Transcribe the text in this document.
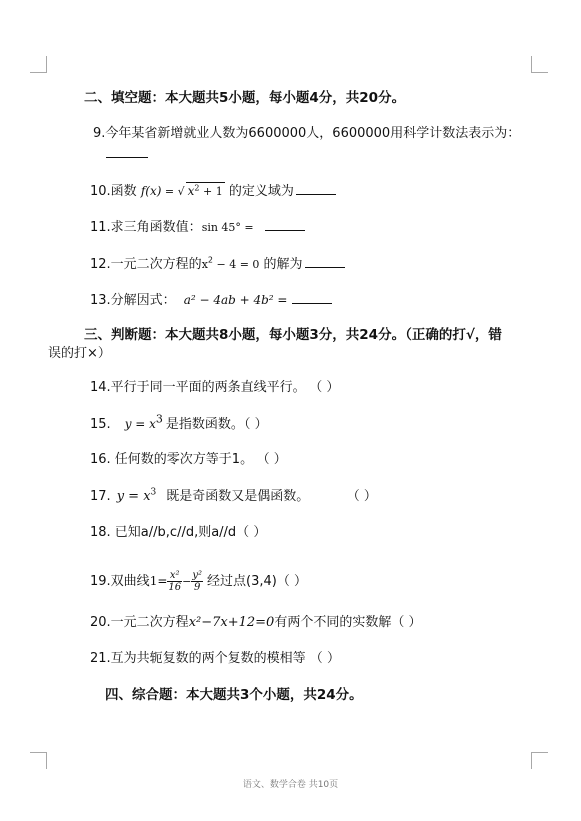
二、填空题：本大题共5小题，每小题4分，共20分。
9.今年某省新增就业人数为6600000人，6600000用科学计数法表示为：
10.函数 f(x) = √ $x^2 + 1$ 的定义域为
11.求三角函数值：sin 45° =
12.一元二次方程的$x^2 - 4 = 0$ 的解为
13.分解因式： a² − 4ab + 4b² =
三、判断题：本大题共8小题，每小题3分，共24分。（正确的打√，错
误的打×）
14.平行于同一平面的两条直线平行。 （ ）
15. $y = x^3$ 是指数函数。（ ）
16. 任何数的零次方等于1。 （ ）
17. $y = x^3$ 既是奇函数又是偶函数。	（ ）
18. 已知a//b,c//d,则a//d（ ）
19.双曲线$1= \frac{\text{x²}}{16} - \frac{\text{y²}}{9}$ 经过点(3,4)（ ）
20.一元二次方程x²−7x+12=0有两个不同的实数解（ ）
21.互为共轭复数的两个复数的模相等 （ ）
四、综合题：本大题共3个小题，共24分。
语文、数学合卷 共10页
